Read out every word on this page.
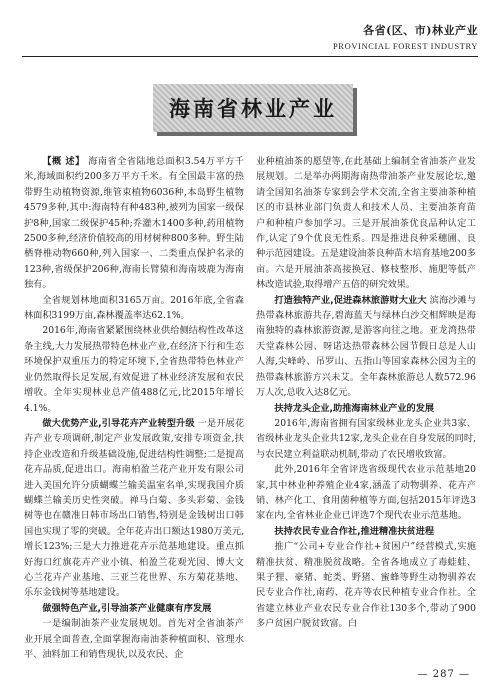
各省(区、市)林业产业
PROVINCIAL FOREST INDUSTRY
海南省林业产业

【概 述】 海南省全省陆地总面积3.54万平方千米,海域面积约200多万平方千米。有全国最丰富的热带野生动植物资源,维管束植物6036种,本岛野生植物4579多种,其中:海南特有种483种,被列为国家一级保护8种,国家二级保护45种;乔灌木1400多种,药用植物2500多种,经济价值较高的用材树种800多种。野生陆栖脊椎动物660种,列入国家一、二类重点保护名录的123种,省级保护206种,海南长臂猿和海南坡鹿为海南独有。

全省规划林地面积3165万亩。2016年底,全省森林面积3199万亩,森林覆盖率达62.1%。

2016年,海南省紧紧围绕林业供给侧结构性改革这条主线,大力发展热带特色林业产业,在经济下行和生态环境保护双重压力的特定环境下,全省热带特色林业产业仍然取得长足发展,有效促进了林业经济发展和农民增收。全年实现林业总产值488亿元,比2015年增长4.1%。

做大优势产业,引导花卉产业转型升级 一是开展花卉产业专项调研,制定产业发展政策,安排专项资金,扶持企业改造和升级基础设施,促进结构性调整;二是提高花卉品质,促进出口。海南柏盈兰花产业开发有限公司进入美国允许分质蝴蝶兰输美温室名单,实现我国介质蝴蝶兰输美历史性突破。禅马白菊、多头彩菊、金钱树等也在赣准日韩市场出口销售,特别是金钱树出口韩国也实现了零的突破。全年花卉出口额达1980万美元,增长123%;三是大力推进花卉示范基地建设。重点抓好海口红旗花卉产业小镇、柏盈兰花观光园、博大文心兰花卉产业基地、三亚兰花世界、东方菊花基地、乐东金钱树等基地建设。

做强特色产业,引导油茶产业健康有序发展

一是编制油茶产业发展规划。首先对全省油茶产业开展全面普查,全面掌握海南油茶种植面积、管理水平、油料加工和销售现状,以及农民、企

业种植油茶的愿望等,在此基础上编制全省油茶产业发展规划。二是举办两期海南热带油茶产业发展论坛,邀请全国知名油茶专家到会学术交流,全省主要油茶种植区的市县林业部门负责人和技术人员、主要油茶育苗户和种植户参加学习。三是开展油茶优良品种认定工作,认定了9个优良无性系。四是推进良种采穗圃、良种示范园建设。五是建设油茶良种苗木培育基地200多亩。六是开展油茶高接换冠、修枝整形、施肥等低产林改造试验,取得增产五倍的研究效果。

打造独特产业,促进森林旅游财大业大 滨海沙滩与热带森林旅游共存,碧海蓝天与绿林白沙交相辉映是海南独特的森林旅游资源,是游客向往之地。亚龙湾热带天堂森林公园、呀诺达热带森林公园节假日总是人山人海,尖峰岭、吊罗山、五指山等国家森林公园为主的热带森林旅游方兴未艾。全年森林旅游总人数572.96万人次,总收入达8亿元。

扶持龙头企业,助推海南林业产业的发展

2016年,海南省拥有国家级林业龙头企业共3家、省级林业龙头企业共12家,龙头企业在自身发展的同时,与农民建立利益联动机制,带动了农民增收致富。

此外,2016年全省评选省级现代农业示范基地20家,其中林业种养殖企业4家,涵盖了动物驯养、花卉产销、林产化工、食用菌种植等方面,包括2015年评选3家在内,全省林业企业已评选7个现代农业示范基地。

扶持农民专业合作社,推进精准扶贫进程

推广“公司+专业合作社+贫困户”经营模式,实施精准扶贫、精准脱贫战略。全省各地成立了毒蛙蛙、果子狸、豪猪、蛇类、野猪、蜜蜂等野生动物驯养农民专业合作社,南药、花卉等农民种植专业合作社。全省建立林业产业农民专业合作社130多个,带动了900多户贫困户脱贫致富。白

— 287 —
